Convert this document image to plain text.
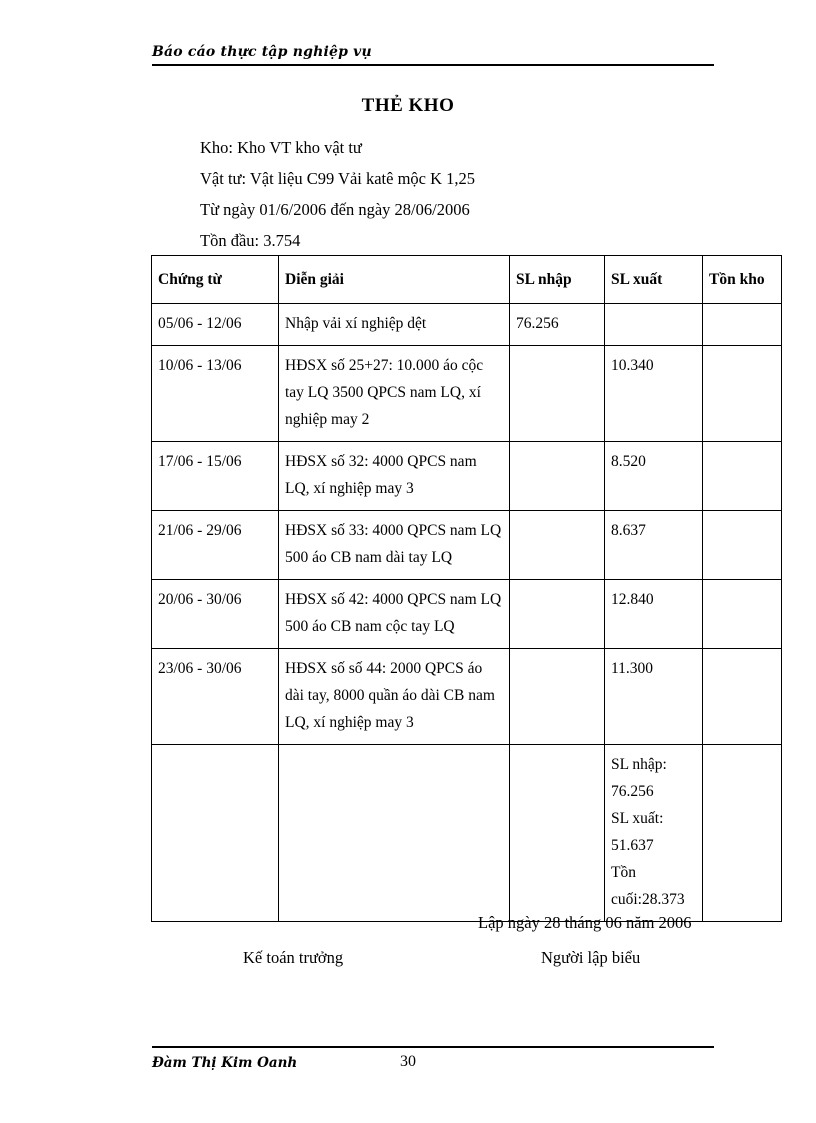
Báo cáo thực tập nghiệp vụ
THẺ KHO
Kho: Kho VT kho vật tư
Vật tư: Vật liệu C99 Vải katê mộc K 1,25
Từ ngày 01/6/2006 đến ngày 28/06/2006
Tồn đầu: 3.754
Chứng từ	Diễn giải	SL nhập	SL xuất	Tồn kho
05/06 - 12/06	Nhập vải xí nghiệp dệt	76.256		
10/06 - 13/06	HĐSX số 25+27: 10.000 áo cộc tay LQ 3500 QPCS nam LQ, xí nghiệp may 2		10.340	
17/06 - 15/06	HĐSX số 32: 4000 QPCS nam LQ, xí nghiệp may 3		8.520	
21/06 - 29/06	HĐSX số 33: 4000 QPCS nam LQ 500 áo CB nam dài tay LQ		8.637	
20/06 - 30/06	HĐSX số 42: 4000 QPCS nam LQ 500 áo CB nam cộc tay LQ		12.840	
23/06 - 30/06	HĐSX số số 44: 2000 QPCS áo dài tay, 8000 quần áo dài CB nam LQ, xí nghiệp may 3		11.300	

			SL nhập: 76.256
SL xuất: 51.637
Tồn cuối:28.373	

Lập ngày 28 tháng 06 năm 2006
Kế toán trưởng	Người lập biểu
Đàm Thị Kim Oanh	30
